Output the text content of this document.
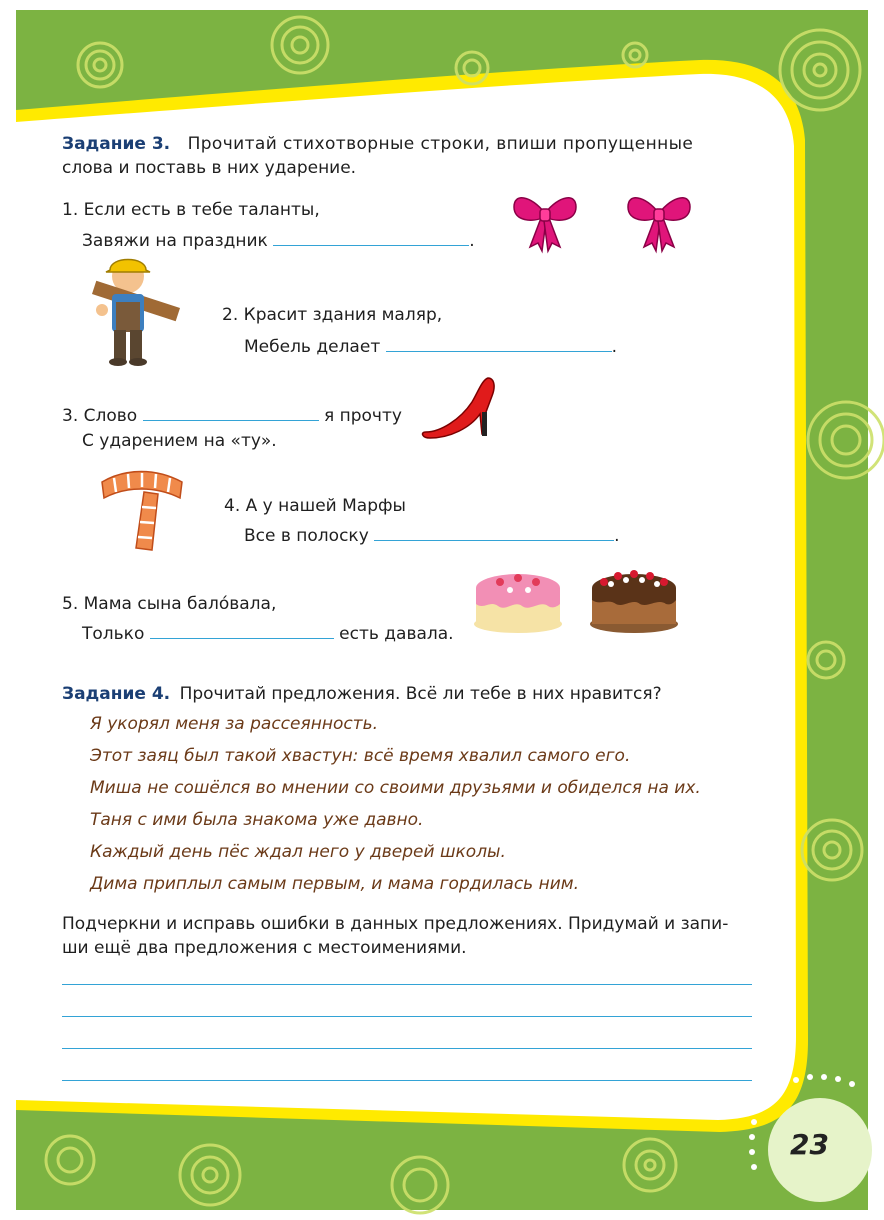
Задание 3. Прочитай стихотворные строки, впиши пропущенные
слова и поставь в них ударение.
1. Если есть в тебе таланты,
Завяжи на праздник	.
2. Красит здания маляр,
Мебель делает	.
3. Слово	я прочту
С ударением на «ту».
4. А у нашей Марфы
Все в полоску	.
5. Мама сына бало́вала,
Только	есть давала.
Задание 4. Прочитай предложения. Всё ли тебе в них нравится?
Я укорял меня за рассеянность.
Этот заяц был такой хвастун: всё время хвалил самого его.
Миша не сошёлся во мнении со своими друзьями и обиделся на их.
Таня с ими была знакома уже давно.
Каждый день пёс ждал него у дверей школы.
Дима приплыл самым первым, и мама гордилась ним.
Подчеркни и исправь ошибки в данных предложениях. Придумай и запи-
ши ещё два предложения с местоимениями.
23
